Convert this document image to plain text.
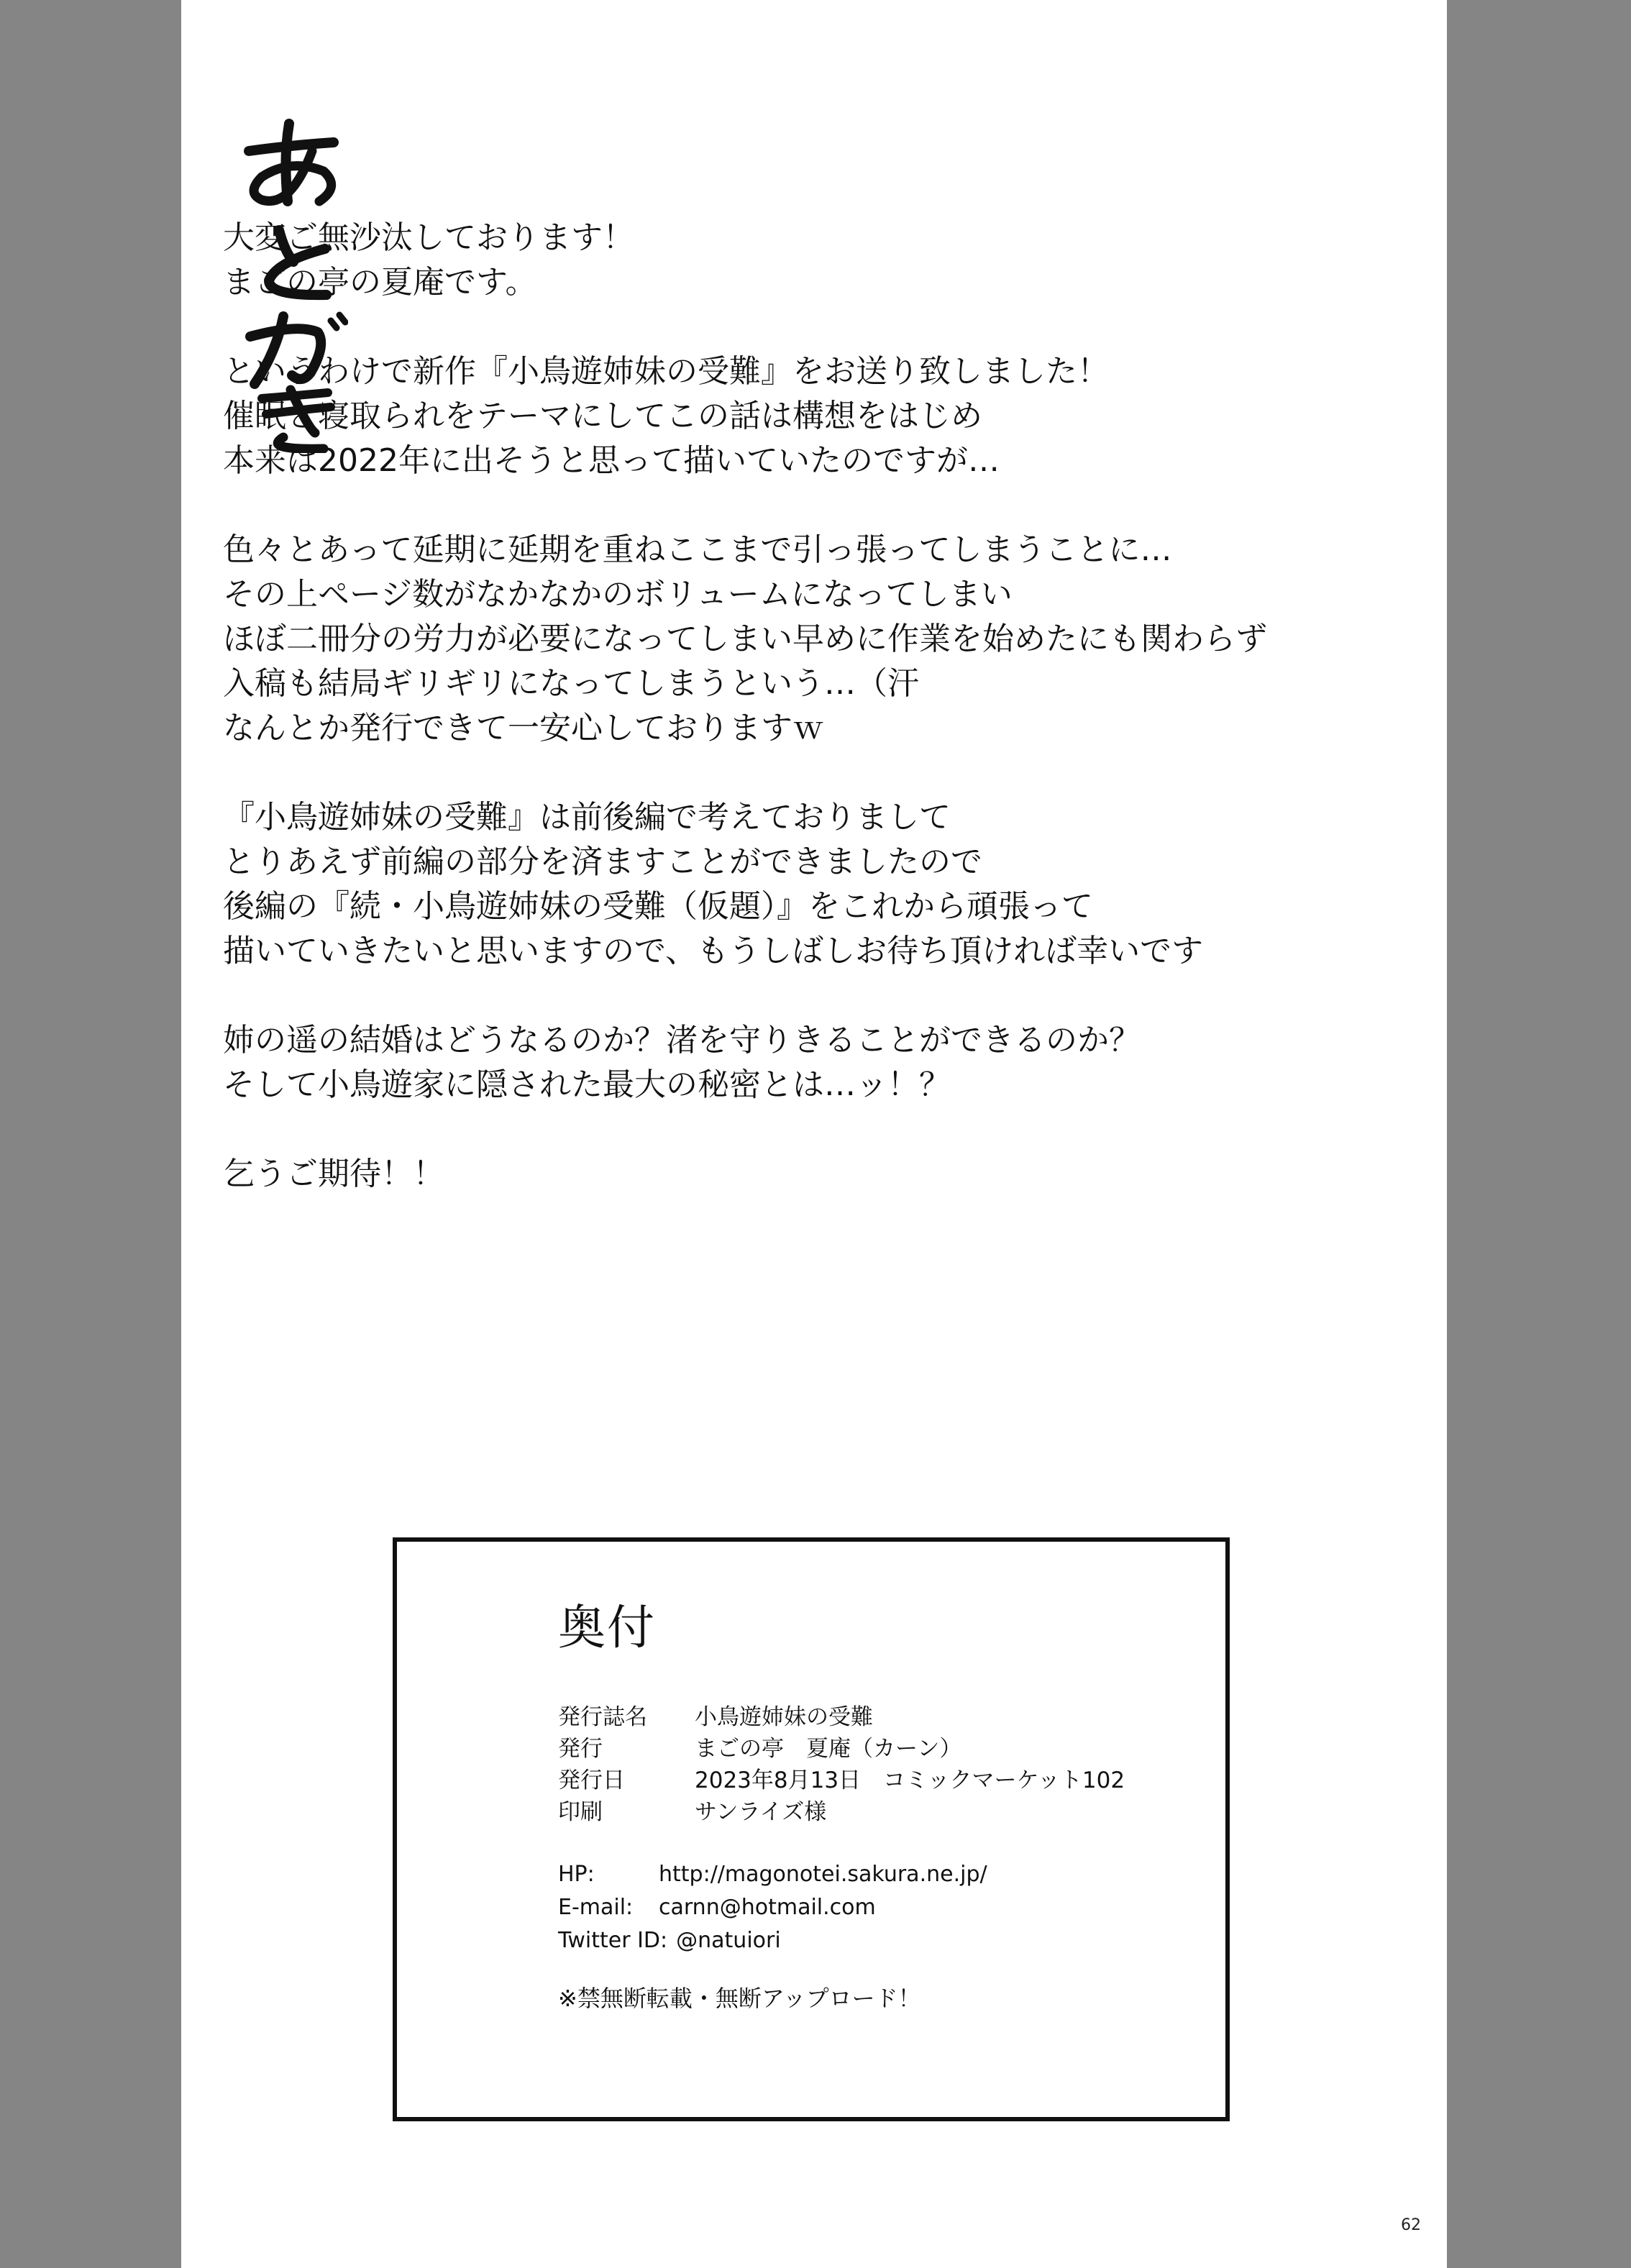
大変ご無沙汰しております！
まごの亭の夏庵です。
というわけで新作『小鳥遊姉妹の受難』をお送り致しました！
催眠と寝取られをテーマにしてこの話は構想をはじめ
本来は2022年に出そうと思って描いていたのですが…
色々とあって延期に延期を重ねここまで引っ張ってしまうことに…
その上ページ数がなかなかのボリュームになってしまい
ほぼ二冊分の労力が必要になってしまい早めに作業を始めたにも関わらず
入稿も結局ギリギリになってしまうという…（汗
なんとか発行できて一安心しておりますｗ
『小鳥遊姉妹の受難』は前後編で考えておりまして
とりあえず前編の部分を済ますことができましたので
後編の『続・小鳥遊姉妹の受難（仮題）』をこれから頑張って
描いていきたいと思いますので、もうしばしお待ち頂ければ幸いです
姉の遥の結婚はどうなるのか？渚を守りきることができるのか？
そして小鳥遊家に隠された最大の秘密とは…ッ！？
乞うご期待！！
奥付
発行誌名	小鳥遊姉妹の受難
発行	まごの亭　夏庵（カーン）
発行日	2023年8月13日　コミックマーケット102
印刷	サンライズ様
HP:	http://magonotei.sakura.ne.jp/
E-mail:	carnn@hotmail.com
Twitter ID: @natuiori
※禁無断転載・無断アップロード！
62
